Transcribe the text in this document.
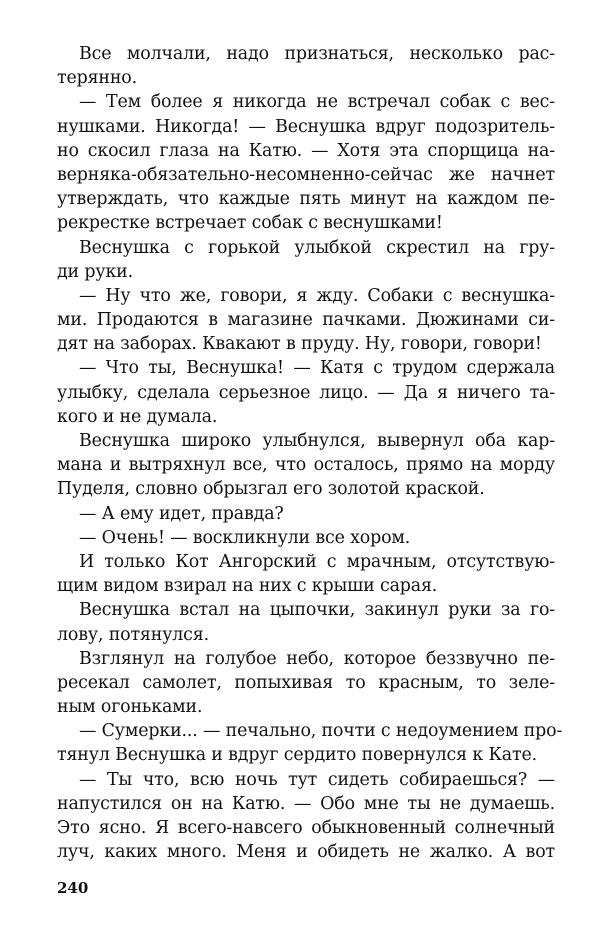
Все молчали, надо признаться, несколько рас-
терянно.
— Тем более я никогда не встречал собак с вес-
нушками. Никогда! — Веснушка вдруг подозритель-
но скосил глаза на Катю. — Хотя эта спорщица на-
верняка-обязательно-несомненно-сейчас же начнет
утверждать, что каждые пять минут на каждом пе-
рекрестке встречает собак с веснушками!
Веснушка с горькой улыбкой скрестил на гру-
ди руки.
— Ну что же, говори, я жду. Собаки с веснушка-
ми. Продаются в магазине пачками. Дюжинами си-
дят на заборах. Квакают в пруду. Ну, говори, говори!
— Что ты, Веснушка! — Катя с трудом сдержала
улыбку, сделала серьезное лицо. — Да я ничего та-
кого и не думала.
Веснушка широко улыбнулся, вывернул оба кар-
мана и вытряхнул все, что осталось, прямо на морду
Пуделя, словно обрызгал его золотой краской.
— А ему идет, правда?
— Очень! — воскликнули все хором.
И только Кот Ангорский с мрачным, отсутствую-
щим видом взирал на них с крыши сарая.
Веснушка встал на цыпочки, закинул руки за го-
лову, потянулся.
Взглянул на голубое небо, которое беззвучно пе-
ресекал самолет, попыхивая то красным, то зеле-
ным огоньками.
— Сумерки... — печально, почти с недоумением про-
тянул Веснушка и вдруг сердито повернулся к Кате.
— Ты что, всю ночь тут сидеть собираешься? —
напустился он на Катю. — Обо мне ты не думаешь.
Это ясно. Я всего-навсего обыкновенный солнечный
луч, каких много. Меня и обидеть не жалко. А вот
240
